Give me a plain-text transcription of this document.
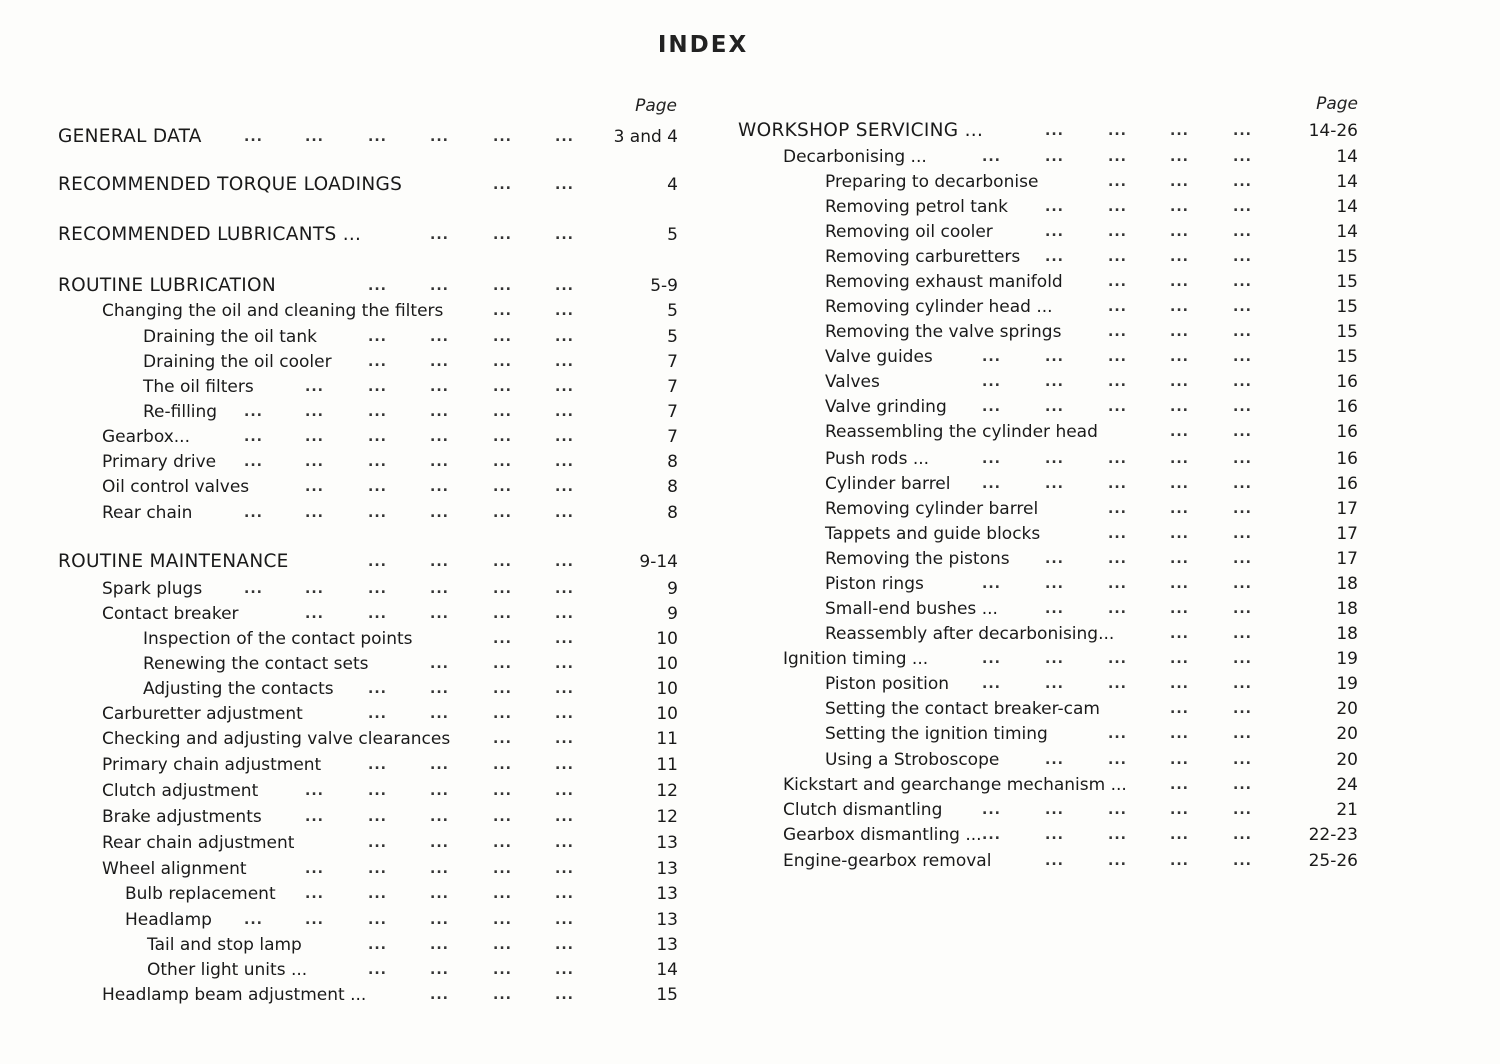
INDEX
Page
GENERAL DATA	...	...	...	...	...	...	3 and 4
RECOMMENDED TORQUE LOADINGS	...	...	4
RECOMMENDED LUBRICANTS ...	...	...	...	5
ROUTINE LUBRICATION	...	...	...	...	5-9
Changing the oil and cleaning the filters	...	...	5
Draining the oil tank	...	...	...	...	5
Draining the oil cooler	...	...	...	...	7
The oil filters	...	...	...	...	...	7
Re-filling ...	...	...	...	...	...	7
Gearbox...	...	...	...	...	...	...	7
Primary drive ...	...	...	...	...	...	8
Oil control valves	...	...	...	...	...	8
Rear chain	...	...	...	...	...	...	8
ROUTINE MAINTENANCE	...	...	...	...	9-14
Spark plugs	...	...	...	...	...	...	9
Contact breaker	...	...	...	...	...	9
Inspection of the contact points	...	...	10
Renewing the contact sets	...	...	...	10
Adjusting the contacts ...	...	...	...	10
Carburetter adjustment	...	...	...	...	10
Checking and adjusting valve clearances	...	...	11
Primary chain adjustment	...	...	...	...	11
Clutch adjustment	...	...	...	...	...	12
Brake adjustments	...	...	...	...	...	12
Rear chain adjustment	...	...	...	...	13
Wheel alignment	...	...	...	...	...	13
Bulb replacement ...	...	...	...	...	13
Headlamp ...	...	...	...	...	...	13
Tail and stop lamp	...	...	...	...	13
Other light units ...	...	...	...	...	14
Headlamp beam adjustment ...	...	...	...	15
Page
WORKSHOP SERVICING ...	...	...	...	...	14-26
Decarbonising ...	...	...	...	...	...	14
Preparing to decarbonise	...	...	...	14
Removing petrol tank	...	...	...	...	14
Removing oil cooler	...	...	...	...	14
Removing carburetters ...	...	...	...	15
Removing exhaust manifold	...	...	...	15
Removing cylinder head ...	...	...	...	15
Removing the valve springs	...	...	...	15
Valve guides	...	...	...	...	...	15
Valves	...	...	...	...	...	16
Valve grinding	...	...	...	...	...	16
Reassembling the cylinder head	...	...	16
Push rods ...	...	...	...	...	...	16
Cylinder barrel ...	...	...	...	...	16
Removing cylinder barrel	...	...	...	17
Tappets and guide blocks	...	...	...	17
Removing the pistons	...	...	...	...	17
Piston rings	...	...	...	...	...	18
Small-end bushes ...	...	...	...	...	18
Reassembly after decarbonising...	...	...	18
Ignition timing ...	...	...	...	...	...	19
Piston position ...	...	...	...	...	19
Setting the contact breaker-cam	...	...	20
Setting the ignition timing	...	...	...	20
Using a Stroboscope	...	...	...	...	20
Kickstart and gearchange mechanism ...	...	...	24
Clutch dismantling	...	...	...	...	...	21
Gearbox dismantling ... ...	...	...	...	...	22-23
Engine-gearbox removal	...	...	...	...	25-26
